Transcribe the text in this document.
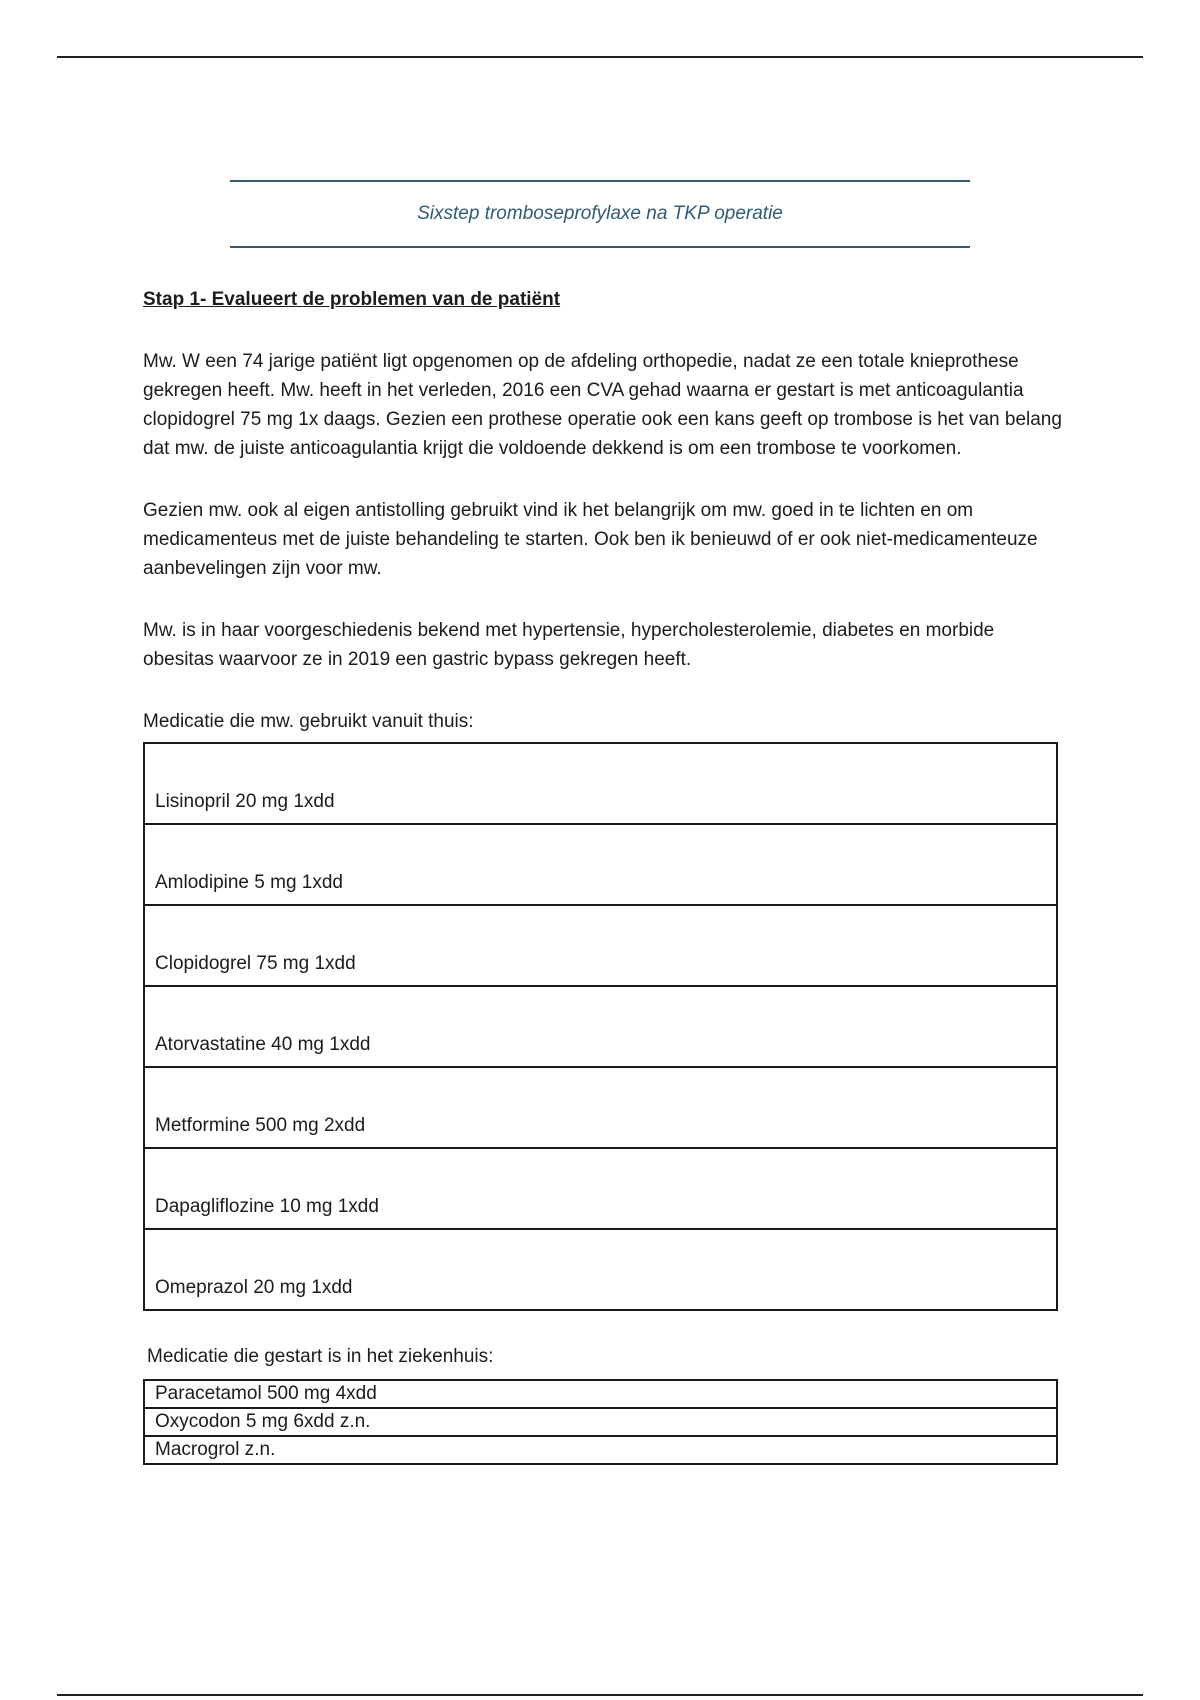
Sixstep tromboseprofylaxe na TKP operatie

Stap 1- Evalueert de problemen van de patiënt

Mw. W een 74 jarige patiënt ligt opgenomen op de afdeling orthopedie, nadat ze een totale knieprothese gekregen heeft. Mw. heeft in het verleden, 2016 een CVA gehad waarna er gestart is met anticoagulantia clopidogrel 75 mg 1x daags. Gezien een prothese operatie ook een kans geeft op trombose is het van belang dat mw. de juiste anticoagulantia krijgt die voldoende dekkend is om een trombose te voorkomen.

Gezien mw. ook al eigen antistolling gebruikt vind ik het belangrijk om mw. goed in te lichten en om medicamenteus met de juiste behandeling te starten. Ook ben ik benieuwd of er ook niet-medicamenteuze aanbevelingen zijn voor mw.

Mw. is in haar voorgeschiedenis bekend met hypertensie, hypercholesterolemie, diabetes en morbide obesitas waarvoor ze in 2019 een gastric bypass gekregen heeft.

Medicatie die mw. gebruikt vanuit thuis:

Lisinopril 20 mg 1xdd
Amlodipine 5 mg 1xdd
Clopidogrel 75 mg 1xdd
Atorvastatine 40 mg 1xdd
Metformine 500 mg 2xdd
Dapagliflozine 10 mg 1xdd
Omeprazol 20 mg 1xdd

Medicatie die gestart is in het ziekenhuis:

Paracetamol 500 mg 4xdd
Oxycodon 5 mg 6xdd z.n.
Macrogrol z.n.
